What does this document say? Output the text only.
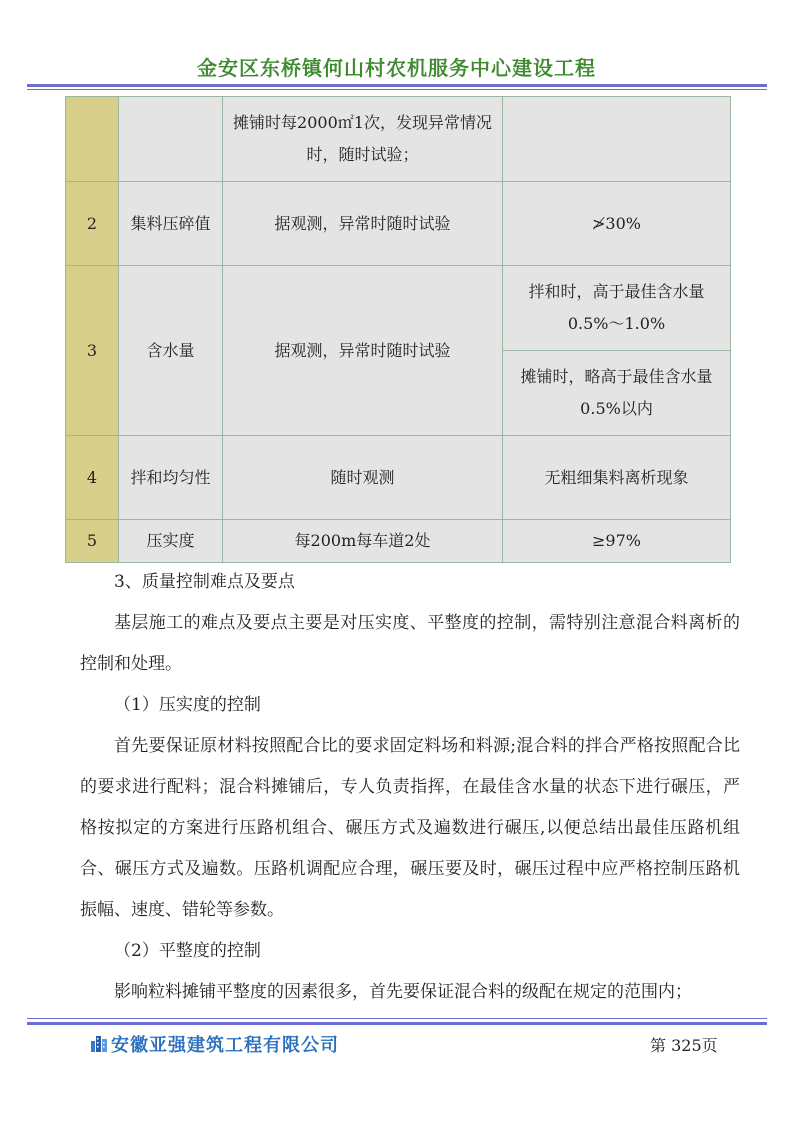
金安区东桥镇何山村农机服务中心建设工程
		摊铺时每2000㎡1次，发现异常情况时，随时试验；	
2	集料压碎值	据观测，异常时随时试验	≯30%
3	含水量	据观测，异常时随时试验	拌和时，高于最佳含水量0.5%～1.0%
			摊铺时，略高于最佳含水量0.5%以内
4	拌和均匀性	随时观测	无粗细集料离析现象
5	压实度	每200m每车道2处	≥97%

3、质量控制难点及要点

基层施工的难点及要点主要是对压实度、平整度的控制，需特别注意混合料离析的控制和处理。

（1）压实度的控制

首先要保证原材料按照配合比的要求固定料场和料源;混合料的拌合严格按照配合比的要求进行配料；混合料摊铺后，专人负责指挥，在最佳含水量的状态下进行碾压，严格按拟定的方案进行压路机组合、碾压方式及遍数进行碾压,以便总结出最佳压路机组合、碾压方式及遍数。压路机调配应合理，碾压要及时，碾压过程中应严格控制压路机振幅、速度、错轮等参数。

（2）平整度的控制

影响粒料摊铺平整度的因素很多，首先要保证混合料的级配在规定的范围内；

安徽亚强建筑工程有限公司	第 325页
